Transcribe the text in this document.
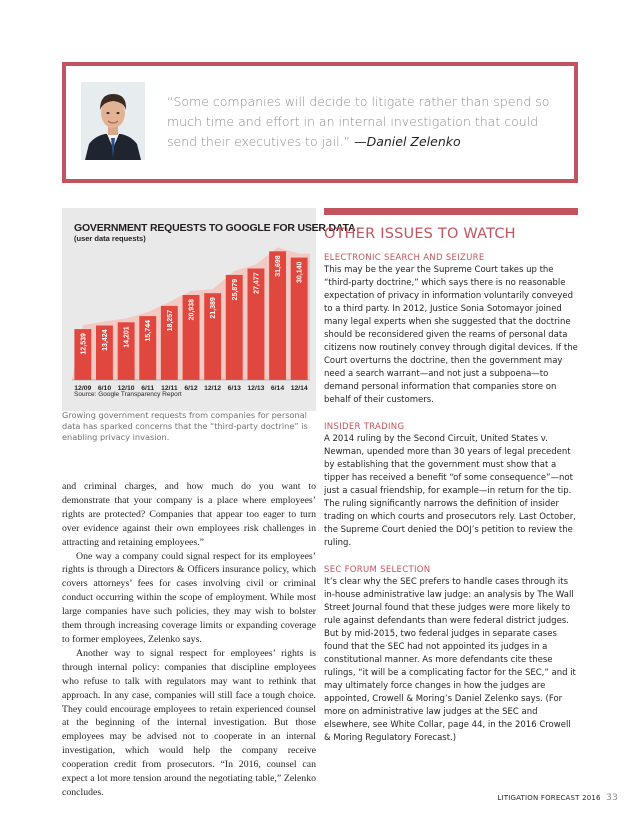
“Some companies will decide to litigate rather than spend so much time and effort in an internal investigation that could send their executives to jail.” —Daniel Zelenko
12,539
12/09
13,424
6/10
14,201
12/10
15,744
6/11
18,257
12/11
20,938
6/12
21,389
12/12
25,879
6/13
27,477
12/13
31,698
6/14
30,140
12/14
GOVERNMENT REQUESTS TO GOOGLE FOR USER DATA
(user data requests)
Source: Google Transparency Report
Growing government requests from companies for personal data has sparked concerns that the “third-party doctrine” is enabling privacy invasion.

and criminal charges, and how much do you want to demonstrate that your company is a place where employees’ rights are protected? Companies that appear too eager to turn over evidence against their own employees risk challenges in attracting and retaining employees.”

One way a company could signal respect for its employees’ rights is through a Directors & Officers insurance policy, which covers attorneys’ fees for cases involving civil or criminal conduct occurring within the scope of employment. While most large companies have such policies, they may wish to bolster them through increasing coverage limits or expanding coverage to former employees, Zelenko says.

Another way to signal respect for employees’ rights is through internal policy: companies that discipline employees who refuse to talk with regulators may want to rethink that approach. In any case, companies will still face a tough choice. They could encourage employees to retain experienced counsel at the beginning of the internal investigation. But those employees may be advised not to cooperate in an internal investigation, which would help the company receive cooperation credit from prosecutors. “In 2016, counsel can expect a lot more tension around the negotiating table,” Zelenko concludes.

OTHER ISSUES TO WATCH
ELECTRONIC SEARCH AND SEIZURE
This may be the year the Supreme Court takes up the “third-party doctrine,” which says there is no reasonable expectation of privacy in information voluntarily conveyed to a third party. In 2012, Justice Sonia Sotomayor joined many legal experts when she suggested that the doctrine should be reconsidered given the reams of personal data citizens now routinely convey through digital devices. If the Court overturns the doctrine, then the government may need a search warrant—and not just a subpoena—to demand personal information that companies store on behalf of their customers.
INSIDER TRADING
A 2014 ruling by the Second Circuit, United States v. Newman, upended more than 30 years of legal precedent by establishing that the government must show that a tipper has received a benefit “of some consequence”—not just a casual friendship, for example—in return for the tip. The ruling significantly narrows the definition of insider trading on which courts and prosecutors rely. Last October, the Supreme Court denied the DOJ’s petition to review the ruling.
SEC FORUM SELECTION
It’s clear why the SEC prefers to handle cases through its in-house administrative law judge: an analysis by The Wall Street Journal found that these judges were more likely to rule against defendants than were federal district judges. But by mid-2015, two federal judges in separate cases found that the SEC had not appointed its judges in a constitutional manner. As more defendants cite these rulings, “it will be a complicating factor for the SEC,” and it may ultimately force changes in how the judges are appointed, Crowell & Moring’s Daniel Zelenko says. (For more on administrative law judges at the SEC and elsewhere, see White Collar, page 44, in the 2016 Crowell & Moring Regulatory Forecast.)
LITIGATION FORECAST 2016 33
